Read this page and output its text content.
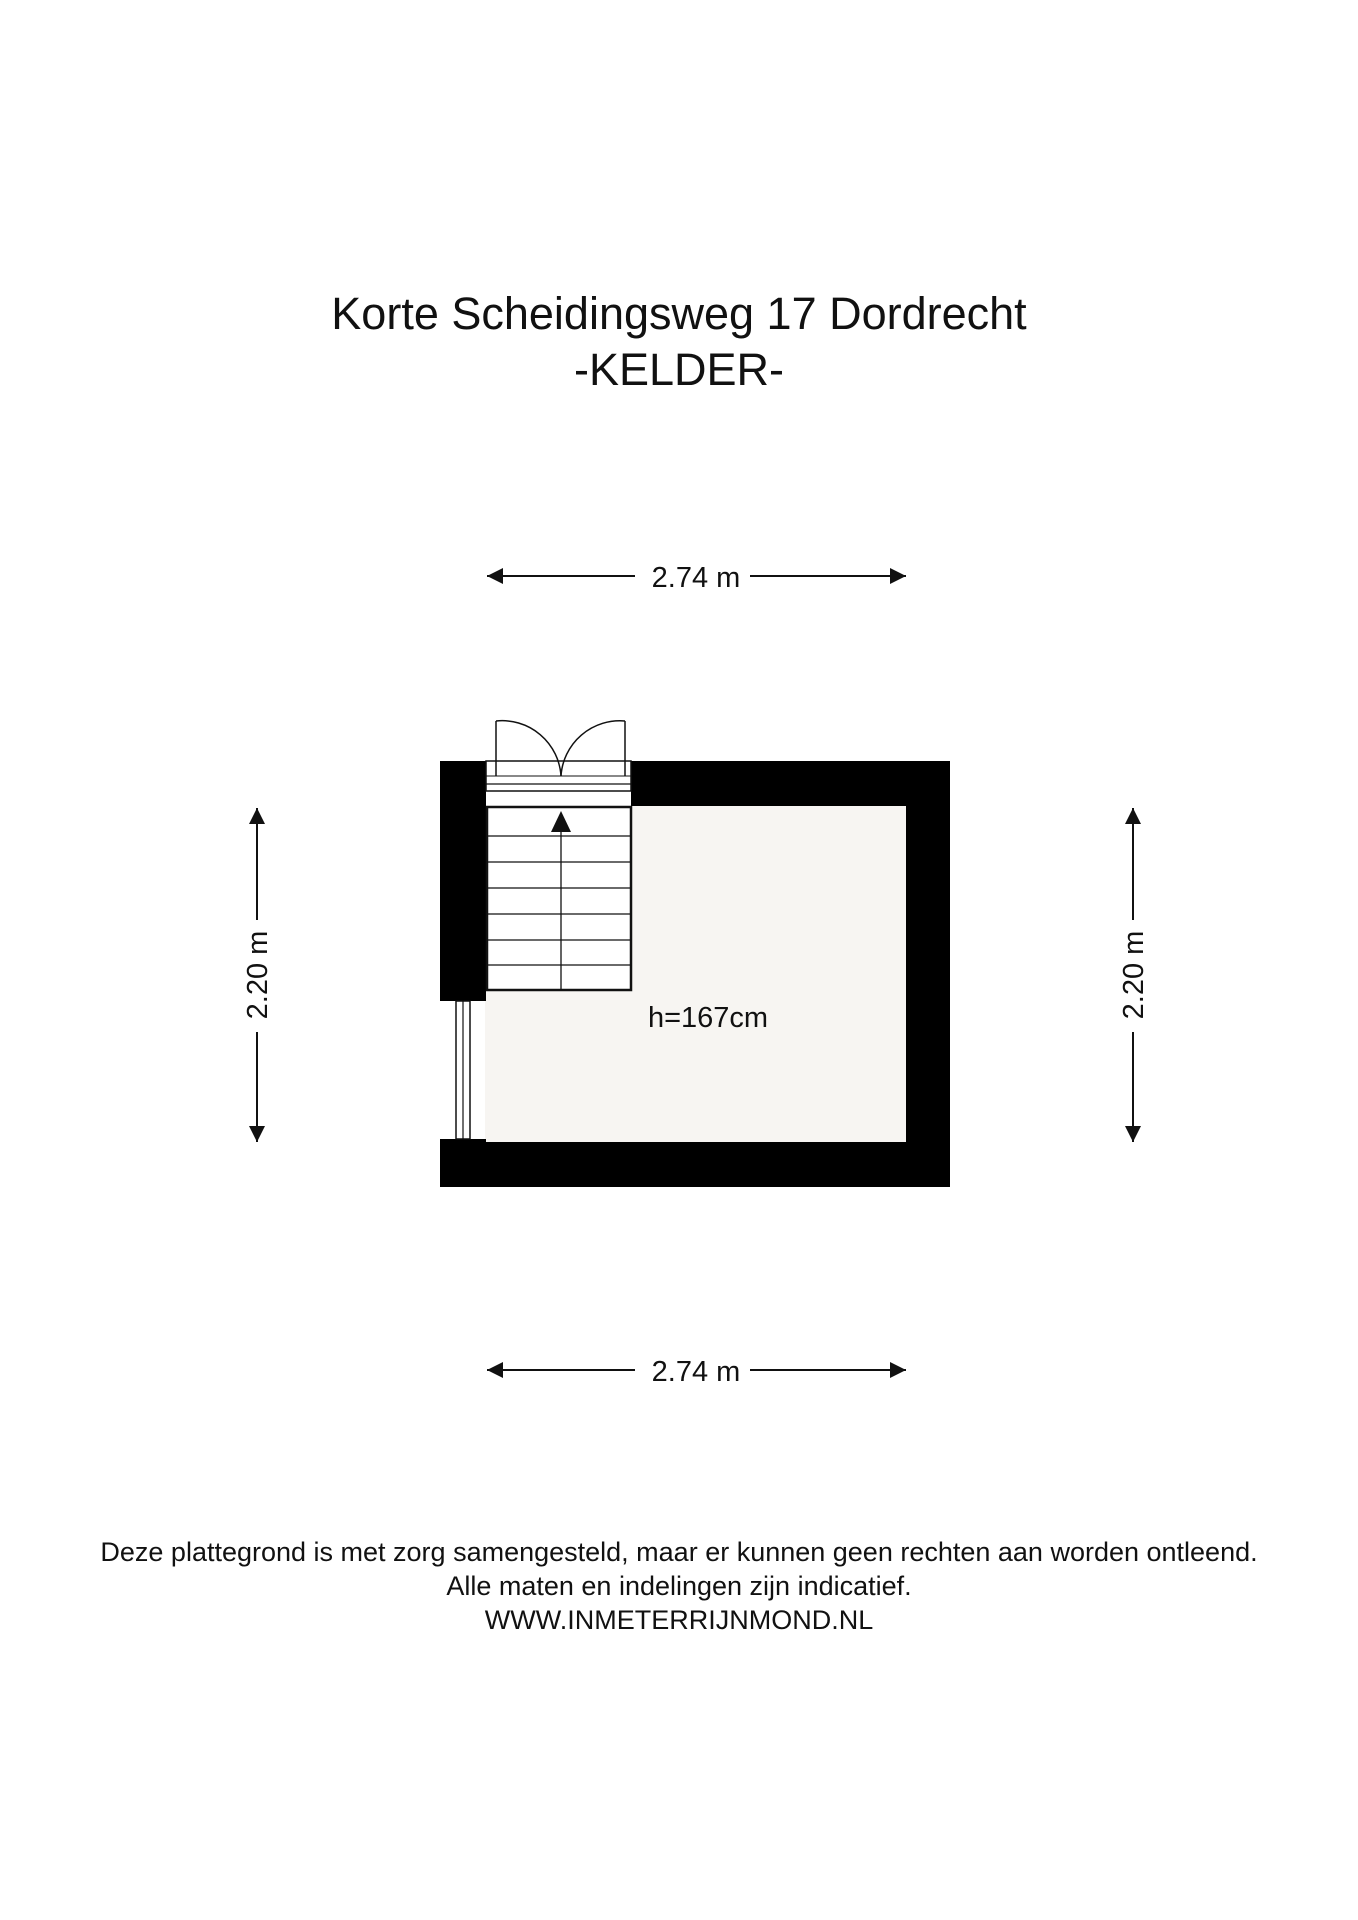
Korte Scheidingsweg 17 Dordrecht
-KELDER-
2.74 m
2.74 m
2.20 m	2.20 m
h=167cm
Deze plattegrond is met zorg samengesteld, maar er kunnen geen rechten aan worden ontleend.
Alle maten en indelingen zijn indicatief.
WWW.INMETERRIJNMOND.NL
